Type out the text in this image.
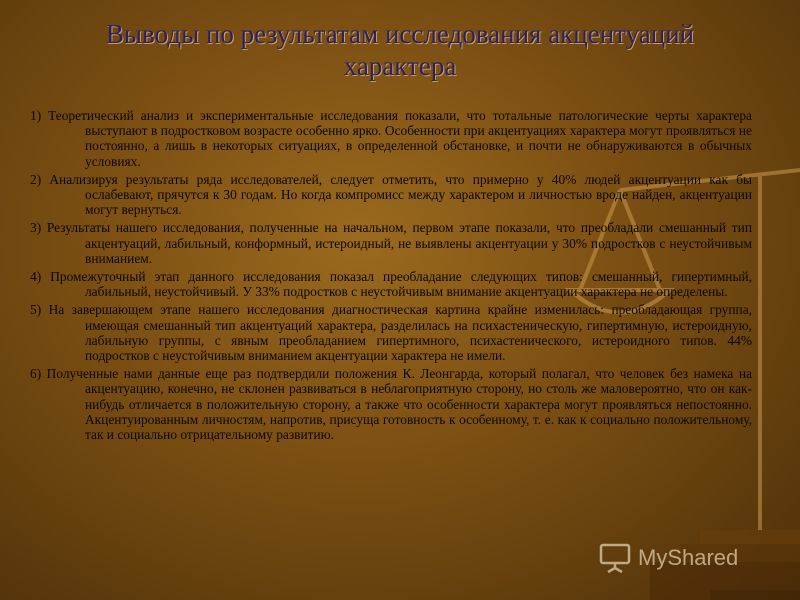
Выводы по результатам исследования акцентуаций
характера

1) Теоретический анализ и экспериментальные исследования показали, что тотальные патологические черты характера выступают в подростковом возрасте особенно ярко. Особенности при акцентуациях характера могут проявляться не постоянно, а лишь в некоторых ситуациях, в определенной обстановке, и почти не обнаруживаются в обычных условиях.

2) Анализируя результаты ряда исследователей, следует отметить, что примерно у 40% людей акцентуации как бы ослабевают, прячутся к 30 годам. Но когда компромисс между характером и личностью вроде найден, акцентуации могут вернуться.

3) Результаты нашего исследования, полученные на начальном, первом этапе показали, что преобладали смешанный тип акцентуаций, лабильный, конформный, истероидный, не выявлены акцентуации у 30% подростков с неустойчивым вниманием.

4) Промежуточный этап данного исследования показал преобладание следующих типов: смешанный, гипертимный, лабильный, неустойчивый. У 33% подростков с неустойчивым внимание акцентуации характера не определены.

5) На завершающем этапе нашего исследования диагностическая картина крайне изменилась: преобладающая группа, имеющая смешанный тип акцентуаций характера, разделилась на психастеническую, гипертимную, истероидную, лабильную группы, с явным преобладанием гипертимного, психастенического, истероидного типов. 44% подростков с неустойчивым вниманием акцентуации характера не имели.

6) Полученные нами данные еще раз подтвердили положения К. Леонгарда, который полагал, что человек без намека на акцентуацию, конечно, не склонен развиваться в неблагоприятную сторону, но столь же маловероятно, что он как-нибудь отличается в положительную сторону, а также что особенности характера могут проявляться непостоянно. Акцентуированным личностям, напротив, присуща готовность к особенному, т. е. как к социально положительному, так и социально отрицательному развитию.

MyShared
